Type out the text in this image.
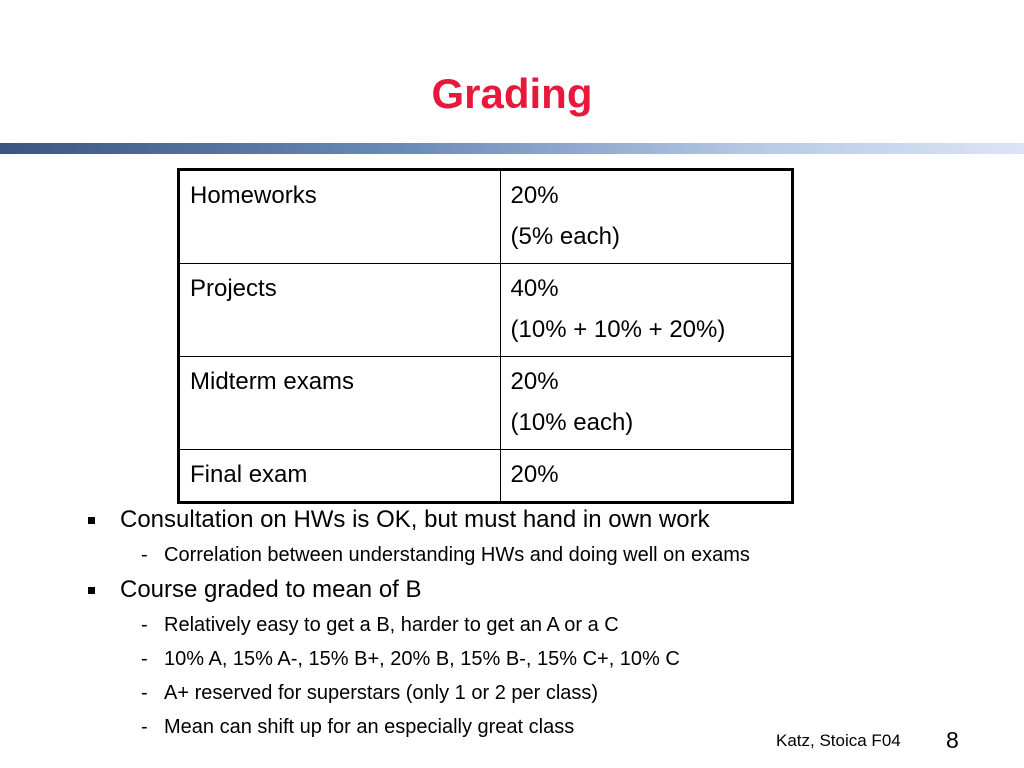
Grading
Homeworks	20%
(5% each)

Projects	40%
(10% + 10% + 20%)

Midterm exams	20%
(10% each)

Final exam	20%
Consultation on HWs is OK, but must hand in own work
- Correlation between understanding HWs and doing well on exams
Course graded to mean of B
- Relatively easy to get a B, harder to get an A or a C
- 10% A, 15% A-, 15% B+, 20% B, 15% B-, 15% C+, 10% C
- A+ reserved for superstars (only 1 or 2 per class)
- Mean can shift up for an especially great class
Katz, Stoica F04 8
